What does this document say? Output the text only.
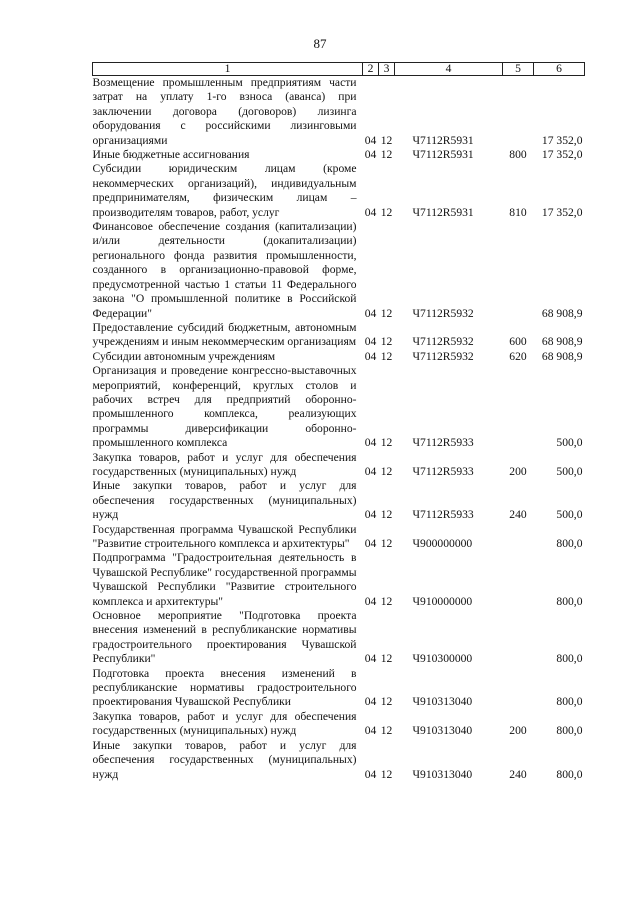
87
1	2	3	4	5	6
Возмещение промышленным предприятиям части затрат на уплату 1-го взноса (аванса) при заключении договора (договоров) лизинга оборудования с российскими лизинговыми организациями	04	12	Ч7112R5931		17 352,0
Иные бюджетные ассигнования	04	12	Ч7112R5931	800	17 352,0
Субсидии юридическим лицам (кроме некоммерческих организаций), индивидуальным предпринимателям, физическим лицам – производителям товаров, работ, услуг	04	12	Ч7112R5931	810	17 352,0
Финансовое обеспечение создания (капитализации) и/или деятельности (докапитализации) регионального фонда развития промышленности, созданного в организационно-правовой форме, предусмотренной частью 1 статьи 11 Федерального закона "О промышленной политике в Российской Федерации"	04	12	Ч7112R5932		68 908,9
Предоставление субсидий бюджетным, автономным учреждениям и иным некоммерческим организациям	04	12	Ч7112R5932	600	68 908,9
Субсидии автономным учреждениям	04	12	Ч7112R5932	620	68 908,9
Организация и проведение конгрессно-выставочных мероприятий, конференций, круглых столов и рабочих встреч для предприятий оборонно-промышленного комплекса, реализующих программы диверсификации оборонно-промышленного комплекса	04	12	Ч7112R5933		500,0
Закупка товаров, работ и услуг для обеспечения государственных (муниципальных) нужд	04	12	Ч7112R5933	200	500,0
Иные закупки товаров, работ и услуг для обеспечения государственных (муниципальных) нужд	04	12	Ч7112R5933	240	500,0
Государственная программа Чувашской Республики "Развитие строительного комплекса и архитектуры"	04	12	Ч900000000		800,0
Подпрограмма "Градостроительная деятельность в Чувашской Республике" государственной программы Чувашской Республики "Развитие строительного комплекса и архитектуры"	04	12	Ч910000000		800,0
Основное мероприятие "Подготовка проекта внесения изменений в республиканские нормативы градостроительного проектирования Чувашской Республики"	04	12	Ч910300000		800,0
Подготовка проекта внесения изменений в республиканские нормативы градостроительного проектирования Чувашской Республики	04	12	Ч910313040		800,0
Закупка товаров, работ и услуг для обеспечения государственных (муниципальных) нужд	04	12	Ч910313040	200	800,0
Иные закупки товаров, работ и услуг для обеспечения государственных (муниципальных) нужд	04	12	Ч910313040	240	800,0
